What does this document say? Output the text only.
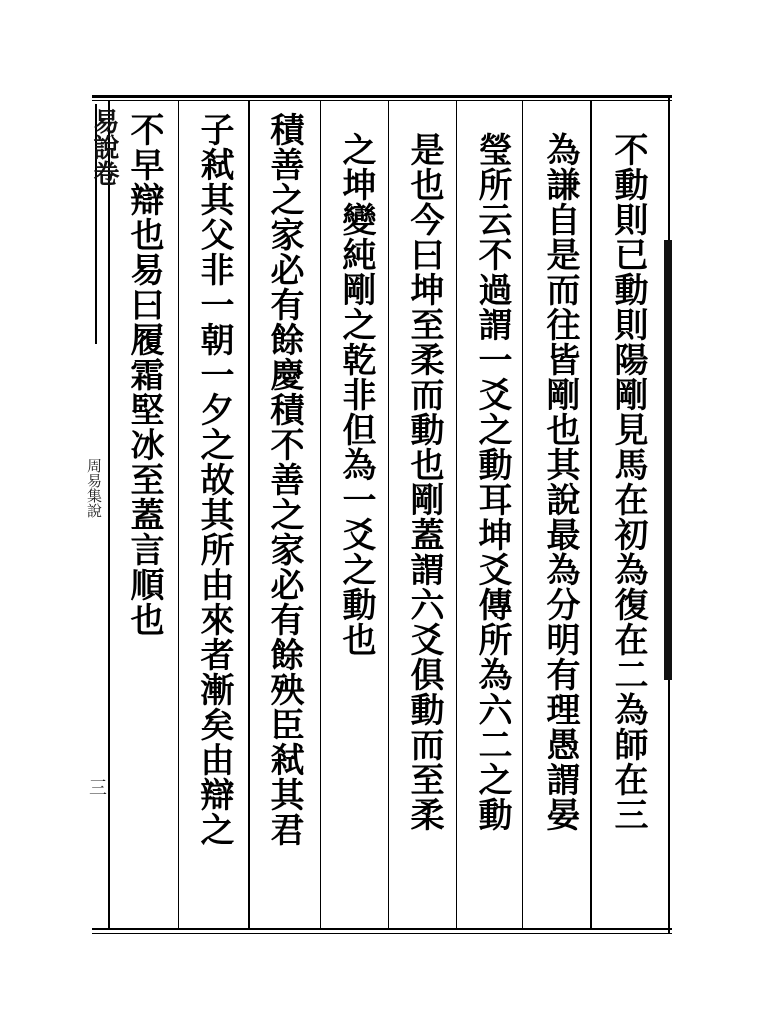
易說卷
周易集說
三	不動則已動則陽剛見馬在初為復在二為師在三
為謙自是而往皆剛也其說最為分明有理愚謂晏
瑩所云不過謂一爻之動耳坤爻傳所為六二之動
是也今曰坤至柔而動也剛蓋謂六爻俱動而至柔
之坤變純剛之乾非但為一爻之動也
積善之家必有餘慶積不善之家必有餘殃臣弒其君
子弒其父非一朝一夕之故其所由來者漸矣由辯之
不早辯也易曰履霜堅冰至蓋言順也
